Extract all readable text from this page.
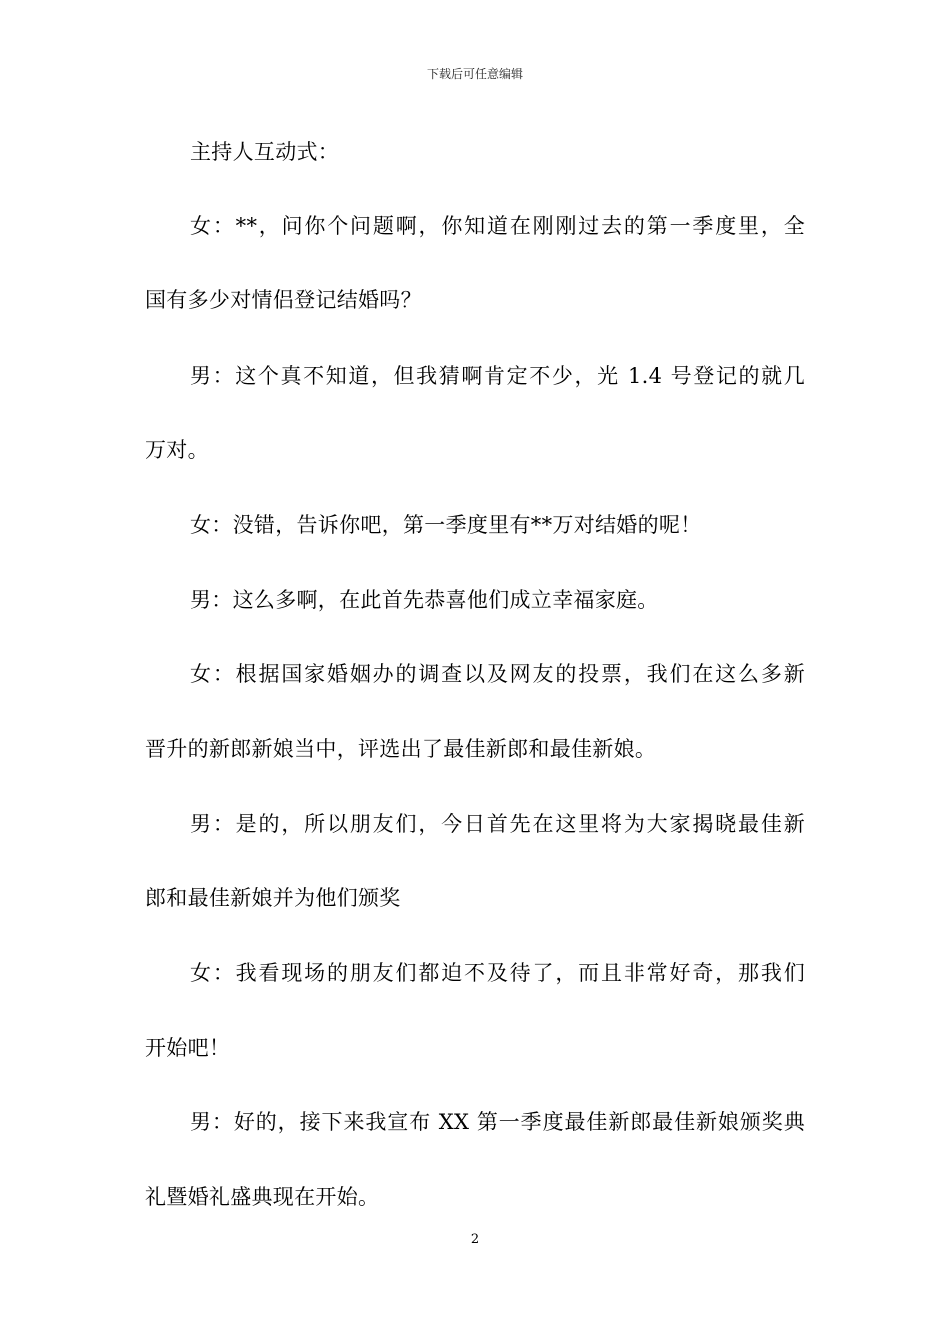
下载后可任意编辑
主持人互动式：
女：**，问你个问题啊，你知道在刚刚过去的第一季度里，全
国有多少对情侣登记结婚吗？
男：这个真不知道，但我猜啊肯定不少，光 1.4 号登记的就几
万对。
女：没错，告诉你吧，第一季度里有**万对结婚的呢！
男：这么多啊，在此首先恭喜他们成立幸福家庭。
女：根据国家婚姻办的调查以及网友的投票，我们在这么多新
晋升的新郎新娘当中，评选出了最佳新郎和最佳新娘。
男：是的，所以朋友们，今日首先在这里将为大家揭晓最佳新
郎和最佳新娘并为他们颁奖
女：我看现场的朋友们都迫不及待了，而且非常好奇，那我们
开始吧！
男：好的，接下来我宣布 XX 第一季度最佳新郎最佳新娘颁奖典
礼暨婚礼盛典现在开始。
2
